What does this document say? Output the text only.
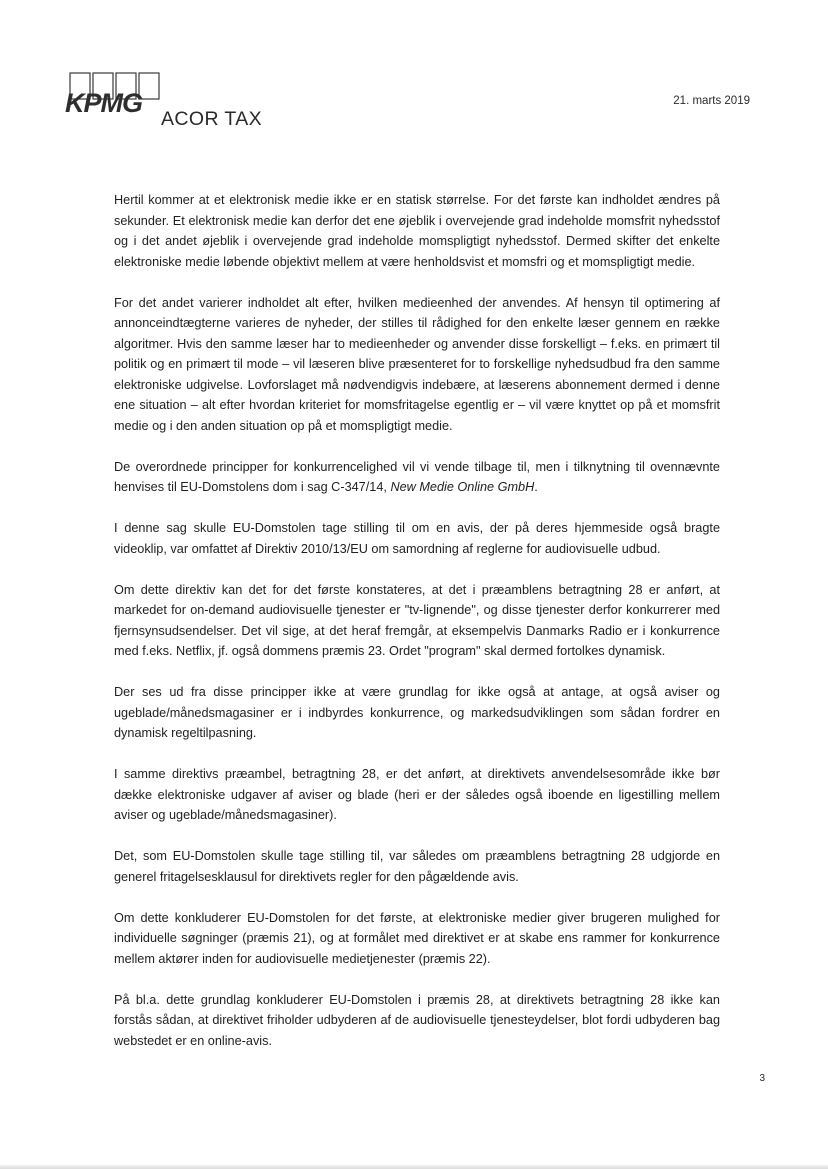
KPMG
ACOR TAX
21. marts 2019

Hertil kommer at et elektronisk medie ikke er en statisk størrelse. For det første kan indholdet ændres på sekunder. Et elektronisk medie kan derfor det ene øjeblik i overvejende grad indeholde momsfrit nyhedsstof og i det andet øjeblik i overvejende grad indeholde momspligtigt nyhedsstof. Dermed skifter det enkelte elektroniske medie løbende objektivt mellem at være henholdsvist et momsfri og et momspligtigt medie.

For det andet varierer indholdet alt efter, hvilken medieenhed der anvendes. Af hensyn til optimering af annonceindtægterne varieres de nyheder, der stilles til rådighed for den enkelte læser gennem en række algoritmer. Hvis den samme læser har to medieenheder og anvender disse forskelligt – f.eks. en primært til politik og en primært til mode – vil læseren blive præsenteret for to forskellige nyhedsudbud fra den samme elektroniske udgivelse. Lovforslaget må nødvendigvis indebære, at læserens abonnement dermed i denne ene situation – alt efter hvordan kriteriet for momsfritagelse egentlig er – vil være knyttet op på et momsfrit medie og i den anden situation op på et momspligtigt medie.

De overordnede principper for konkurrencelighed vil vi vende tilbage til, men i tilknytning til ovennævnte henvises til EU-Domstolens dom i sag C-347/14, New Medie Online GmbH.

I denne sag skulle EU-Domstolen tage stilling til om en avis, der på deres hjemmeside også bragte videoklip, var omfattet af Direktiv 2010/13/EU om samordning af reglerne for audiovisuelle udbud.

Om dette direktiv kan det for det første konstateres, at det i præamblens betragtning 28 er anført, at markedet for on-demand audiovisuelle tjenester er "tv-lignende", og disse tjenester derfor konkurrerer med fjernsynsudsendelser. Det vil sige, at det heraf fremgår, at eksempelvis Danmarks Radio er i konkurrence med f.eks. Netflix, jf. også dommens præmis 23. Ordet "program" skal dermed fortolkes dynamisk.

Der ses ud fra disse principper ikke at være grundlag for ikke også at antage, at også aviser og ugeblade/månedsmagasiner er i indbyrdes konkurrence, og markedsudviklingen som sådan fordrer en dynamisk regeltilpasning.

I samme direktivs præambel, betragtning 28, er det anført, at direktivets anvendelsesområde ikke bør dække elektroniske udgaver af aviser og blade (heri er der således også iboende en ligestilling mellem aviser og ugeblade/månedsmagasiner).

Det, som EU-Domstolen skulle tage stilling til, var således om præamblens betragtning 28 udgjorde en generel fritagelsesklausul for direktivets regler for den pågældende avis.

Om dette konkluderer EU-Domstolen for det første, at elektroniske medier giver brugeren mulighed for individuelle søgninger (præmis 21), og at formålet med direktivet er at skabe ens rammer for konkurrence mellem aktører inden for audiovisuelle medietjenester (præmis 22).

På bl.a. dette grundlag konkluderer EU-Domstolen i præmis 28, at direktivets betragtning 28 ikke kan forstås sådan, at direktivet friholder udbyderen af de audiovisuelle tjenesteydelser, blot fordi udbyderen bag webstedet er en online-avis.

3
